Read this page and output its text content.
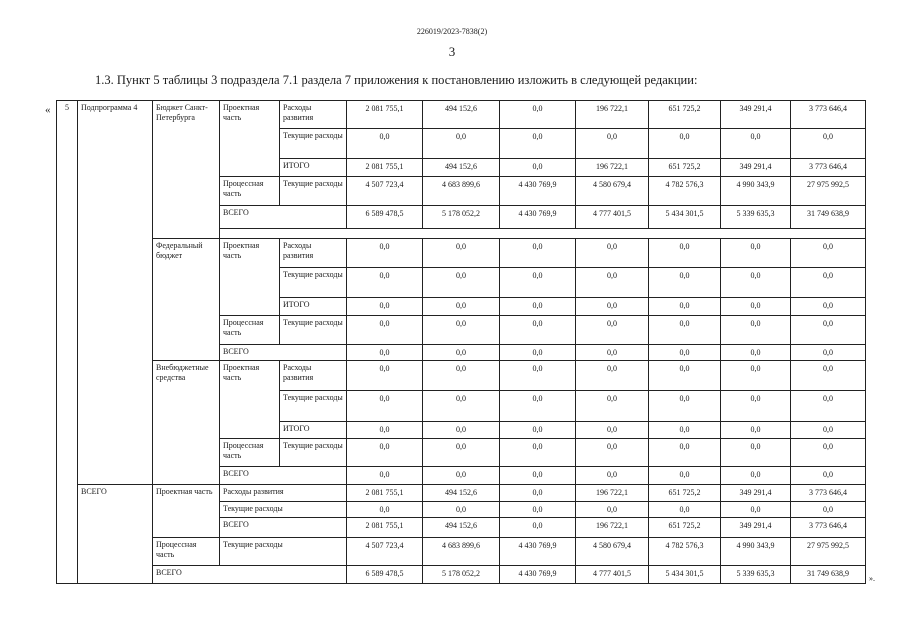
226019/2023-7838(2)
3
1.3. Пункт 5 таблицы 3 подраздела 7.1 раздела 7 приложения к постановлению изложить в следующей редакции:
«
».
5	Подпрограмма 4	Бюджет Санкт-Петербурга	Проектная часть	Расходы развития	2 081 755,1	494 152,6	0,0	196 722,1	651 725,2	349 291,4	3 773 646,4
				Текущие расходы	0,0	0,0	0,0	0,0	0,0	0,0	0,0
				ИТОГО	2 081 755,1	494 152,6	0,0	196 722,1	651 725,2	349 291,4	3 773 646,4
			Процессная часть	Текущие расходы	4 507 723,4	4 683 899,6	4 430 769,9	4 580 679,4	4 782 576,3	4 990 343,9	27 975 992,5
			ВСЕГО		6 589 478,5	5 178 052,2	4 430 769,9	4 777 401,5	5 434 301,5	5 339 635,3	31 749 638,9

		Федеральный бюджет	Проектная часть	Расходы развития	0,0	0,0	0,0	0,0	0,0	0,0	0,0
				Текущие расходы	0,0	0,0	0,0	0,0	0,0	0,0	0,0
				ИТОГО	0,0	0,0	0,0	0,0	0,0	0,0	0,0
			Процессная часть	Текущие расходы	0,0	0,0	0,0	0,0	0,0	0,0	0,0
			ВСЕГО		0,0	0,0	0,0	0,0	0,0	0,0	0,0
		Внебюджетные средства	Проектная часть	Расходы развития	0,0	0,0	0,0	0,0	0,0	0,0	0,0
				Текущие расходы	0,0	0,0	0,0	0,0	0,0	0,0	0,0
				ИТОГО	0,0	0,0	0,0	0,0	0,0	0,0	0,0
			Процессная часть	Текущие расходы	0,0	0,0	0,0	0,0	0,0	0,0	0,0
			ВСЕГО		0,0	0,0	0,0	0,0	0,0	0,0	0,0
	ВСЕГО	Проектная часть	Расходы развития		2 081 755,1	494 152,6	0,0	196 722,1	651 725,2	349 291,4	3 773 646,4
			Текущие расходы		0,0	0,0	0,0	0,0	0,0	0,0	0,0
			ВСЕГО		2 081 755,1	494 152,6	0,0	196 722,1	651 725,2	349 291,4	3 773 646,4
		Процессная часть	Текущие расходы		4 507 723,4	4 683 899,6	4 430 769,9	4 580 679,4	4 782 576,3	4 990 343,9	27 975 992,5
		ВСЕГО			6 589 478,5	5 178 052,2	4 430 769,9	4 777 401,5	5 434 301,5	5 339 635,3	31 749 638,9
